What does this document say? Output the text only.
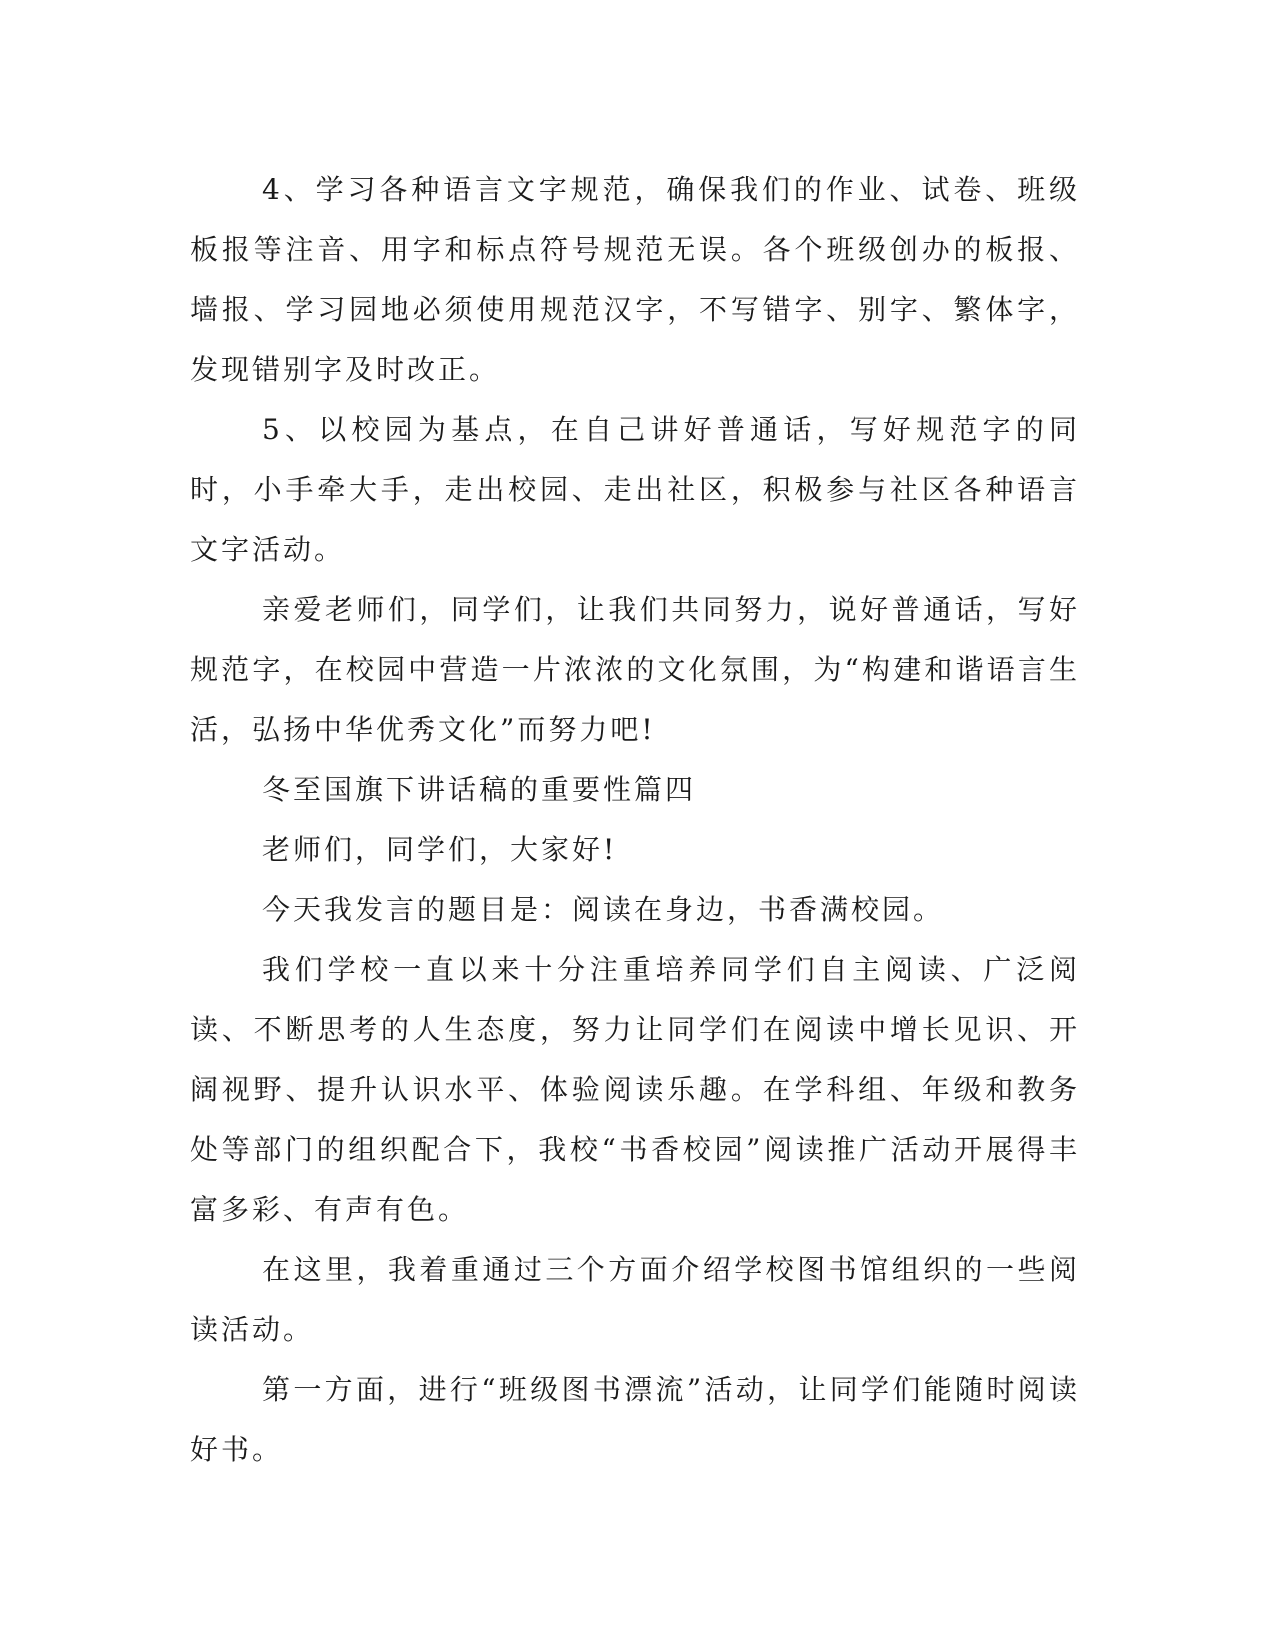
4、学习各种语言文字规范，确保我们的作业、试卷、班级板报等注音、用字和标点符号规范无误。各个班级创办的板报、墙报、学习园地必须使用规范汉字，不写错字、别字、繁体字，发现错别字及时改正。

5、以校园为基点，在自己讲好普通话，写好规范字的同时，小手牵大手，走出校园、走出社区，积极参与社区各种语言文字活动。

亲爱老师们，同学们，让我们共同努力，说好普通话，写好规范字，在校园中营造一片浓浓的文化氛围，为“构建和谐语言生活，弘扬中华优秀文化”而努力吧!

冬至国旗下讲话稿的重要性篇四

老师们，同学们，大家好!

今天我发言的题目是：阅读在身边，书香满校园。

我们学校一直以来十分注重培养同学们自主阅读、广泛阅读、不断思考的人生态度，努力让同学们在阅读中增长见识、开阔视野、提升认识水平、体验阅读乐趣。在学科组、年级和教务处等部门的组织配合下，我校“书香校园”阅读推广活动开展得丰富多彩、有声有色。

在这里，我着重通过三个方面介绍学校图书馆组织的一些阅读活动。

第一方面，进行“班级图书漂流”活动，让同学们能随时阅读好书。
